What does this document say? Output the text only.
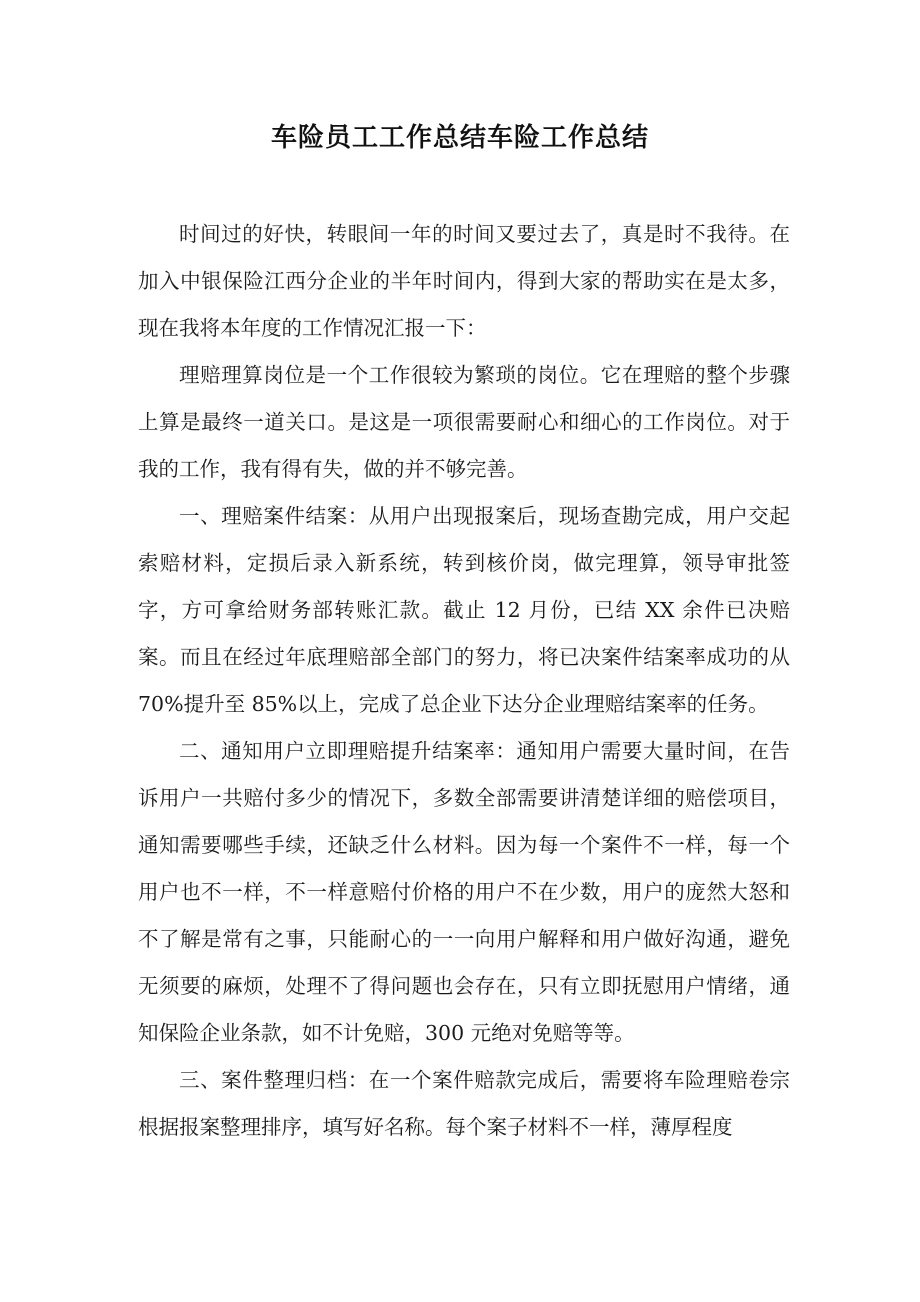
车险员工工作总结车险工作总结

时间过的好快，转眼间一年的时间又要过去了，真是时不我待。在加入中银保险江西分企业的半年时间内，得到大家的帮助实在是太多，现在我将本年度的工作情况汇报一下：

理赔理算岗位是一个工作很较为繁琐的岗位。它在理赔的整个步骤上算是最终一道关口。是这是一项很需要耐心和细心的工作岗位。对于我的工作，我有得有失，做的并不够完善。

一、理赔案件结案：从用户出现报案后，现场查勘完成，用户交起索赔材料，定损后录入新系统，转到核价岗，做完理算，领导审批签字，方可拿给财务部转账汇款。截止 12 月份，已结 XX 余件已决赔案。而且在经过年底理赔部全部门的努力，将已决案件结案率成功的从 70%提升至 85%以上，完成了总企业下达分企业理赔结案率的任务。

二、通知用户立即理赔提升结案率：通知用户需要大量时间，在告诉用户一共赔付多少的情况下，多数全部需要讲清楚详细的赔偿项目，通知需要哪些手续，还缺乏什么材料。因为每一个案件不一样，每一个用户也不一样，不一样意赔付价格的用户不在少数，用户的庞然大怒和不了解是常有之事，只能耐心的一一向用户解释和用户做好沟通，避免无须要的麻烦，处理不了得问题也会存在，只有立即抚慰用户情绪，通知保险企业条款，如不计免赔，300 元绝对免赔等等。

三、案件整理归档：在一个案件赔款完成后，需要将车险理赔卷宗根据报案整理排序，填写好名称。每个案子材料不一样，薄厚程度
